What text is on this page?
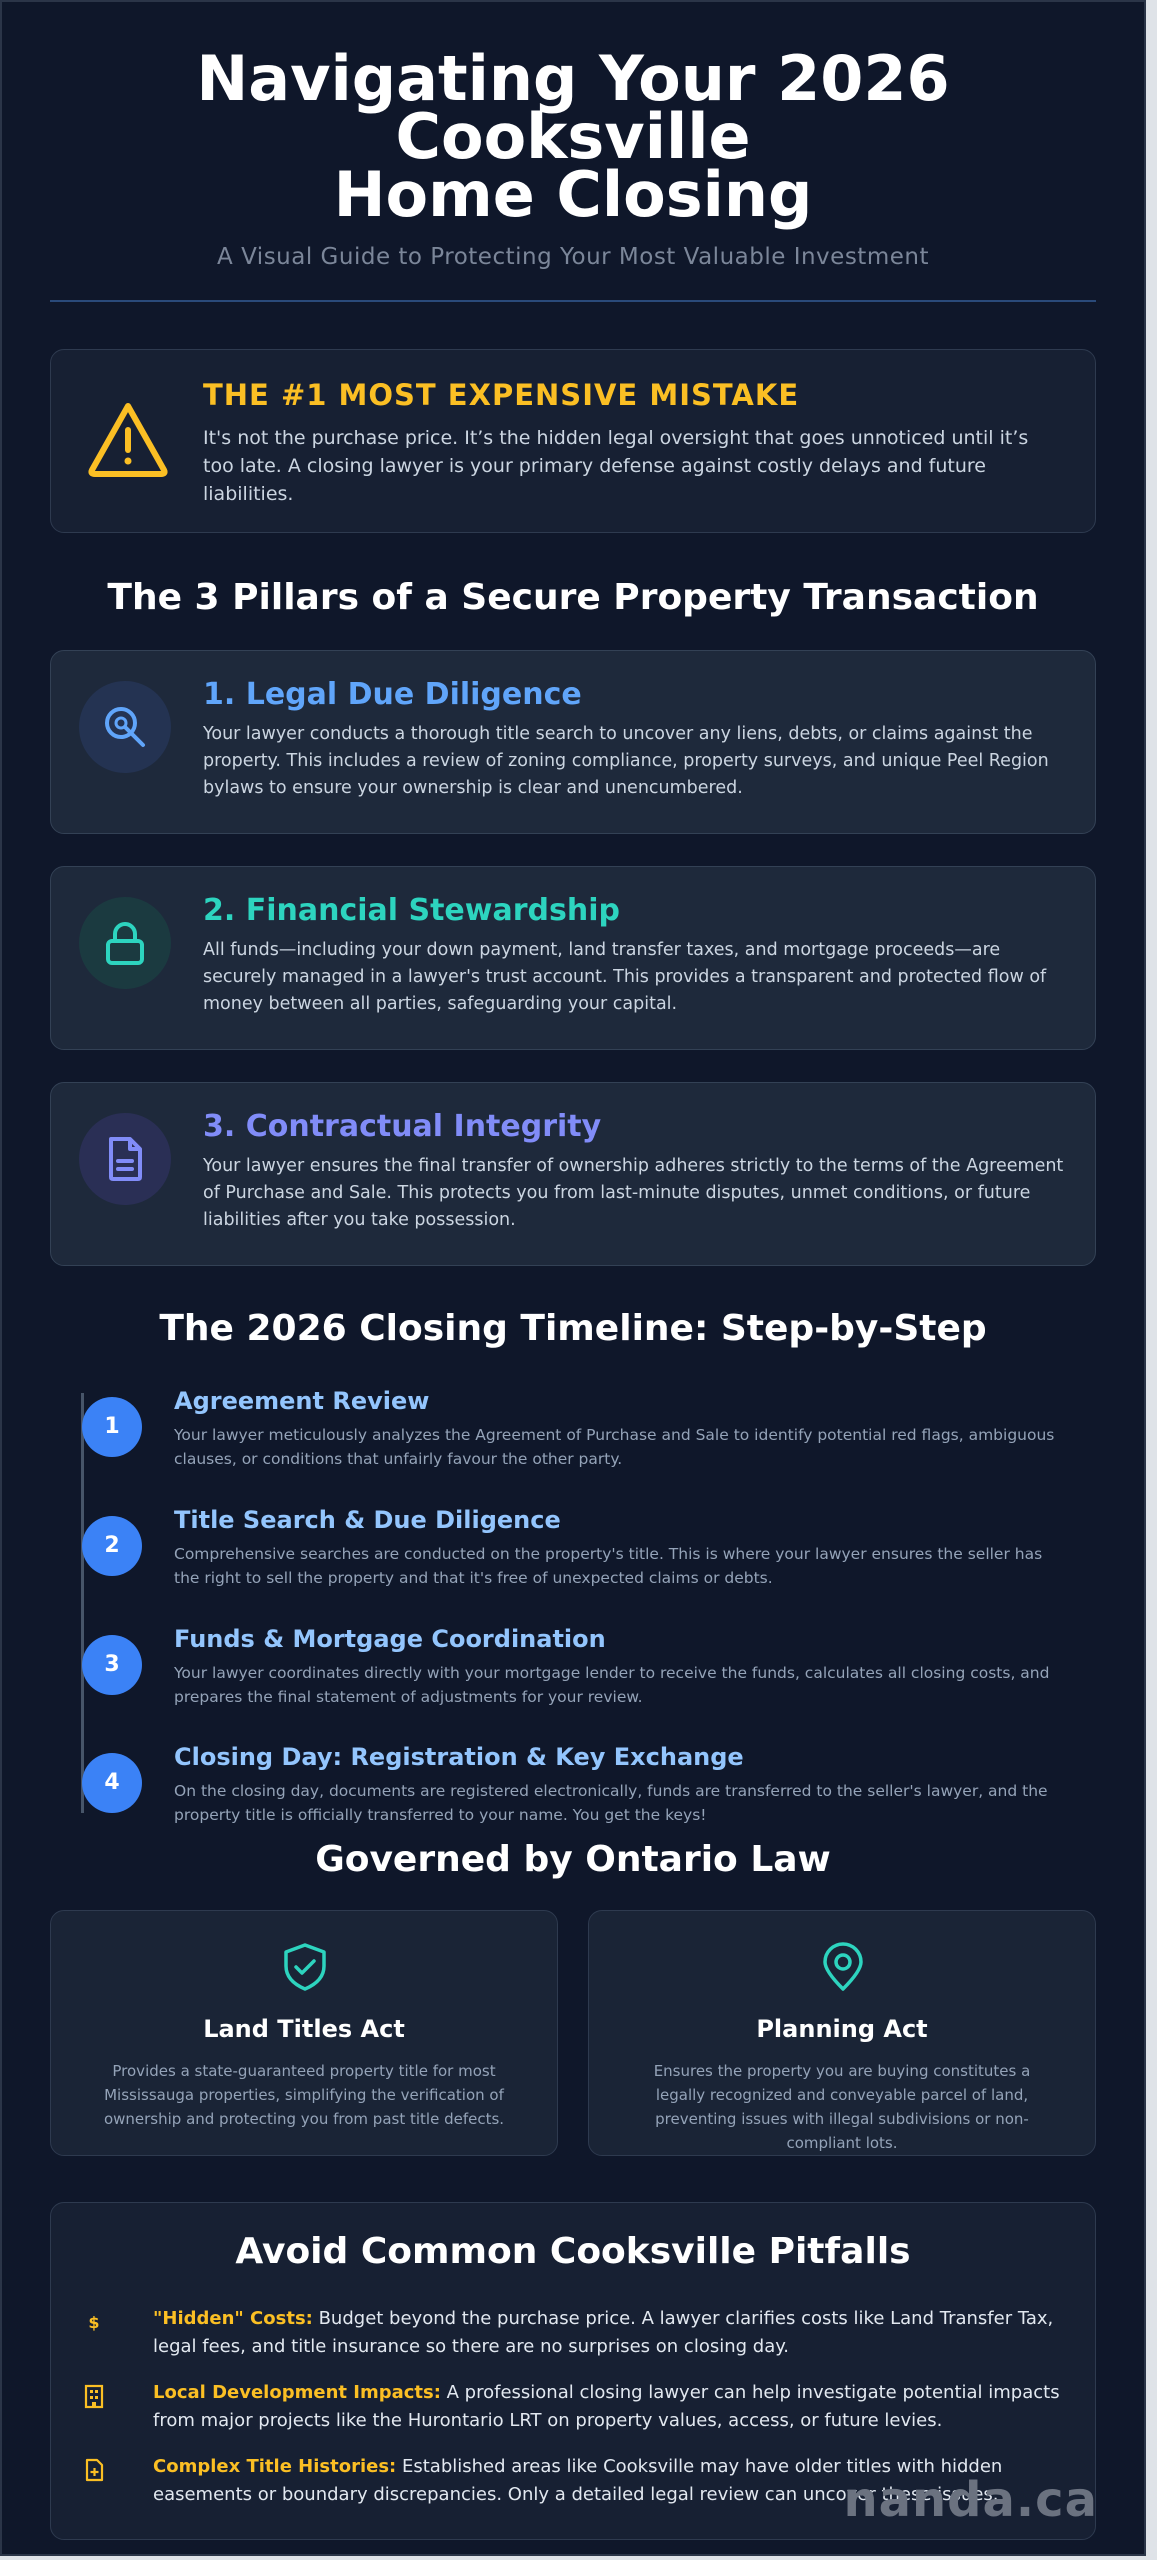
Navigating Your 2026 Cooksville
Home Closing
A Visual Guide to Protecting Your Most Valuable Investment
THE #1 MOST EXPENSIVE MISTAKE
It's not the purchase price. It’s the hidden legal oversight that goes unnoticed until it’s too late. A closing lawyer is your primary defense against costly delays and future liabilities.
The 3 Pillars of a Secure Property Transaction
1. Legal Due Diligence
Your lawyer conducts a thorough title search to uncover any liens, debts, or claims against the property. This includes a review of zoning compliance, property surveys, and unique Peel Region bylaws to ensure your ownership is clear and unencumbered.
2. Financial Stewardship
All funds—including your down payment, land transfer taxes, and mortgage proceeds—are securely managed in a lawyer's trust account. This provides a transparent and protected flow of money between all parties, safeguarding your capital.
3. Contractual Integrity
Your lawyer ensures the final transfer of ownership adheres strictly to the terms of the Agreement of Purchase and Sale. This protects you from last-minute disputes, unmet conditions, or future liabilities after you take possession.
The 2026 Closing Timeline: Step-by-Step
1
Agreement Review
Your lawyer meticulously analyzes the Agreement of Purchase and Sale to identify potential red flags, ambiguous clauses, or conditions that unfairly favour the other party.
2
Title Search & Due Diligence
Comprehensive searches are conducted on the property's title. This is where your lawyer ensures the seller has the right to sell the property and that it's free of unexpected claims or debts.
3
Funds & Mortgage Coordination
Your lawyer coordinates directly with your mortgage lender to receive the funds, calculates all closing costs, and prepares the final statement of adjustments for your review.
4
Closing Day: Registration & Key Exchange
On the closing day, documents are registered electronically, funds are transferred to the seller's lawyer, and the property title is officially transferred to your name. You get the keys!
Governed by Ontario Law
Land Titles Act
Provides a state-guaranteed property title for most Mississauga properties, simplifying the verification of ownership and protecting you from past title defects.
Planning Act
Ensures the property you are buying constitutes a legally recognized and conveyable parcel of land, preventing issues with illegal subdivisions or non-compliant lots.
Avoid Common Cooksville Pitfalls
$	"Hidden" Costs: Budget beyond the purchase price. A lawyer clarifies costs like Land Transfer Tax, legal fees, and title insurance so there are no surprises on closing day.
Local Development Impacts: A professional closing lawyer can help investigate potential impacts from major projects like the Hurontario LRT on property values, access, or future levies.
Complex Title Histories: Established areas like Cooksville may have older titles with hidden easements or boundary discrepancies. Only a detailed legal review can uncover these issues.
nanda.ca
